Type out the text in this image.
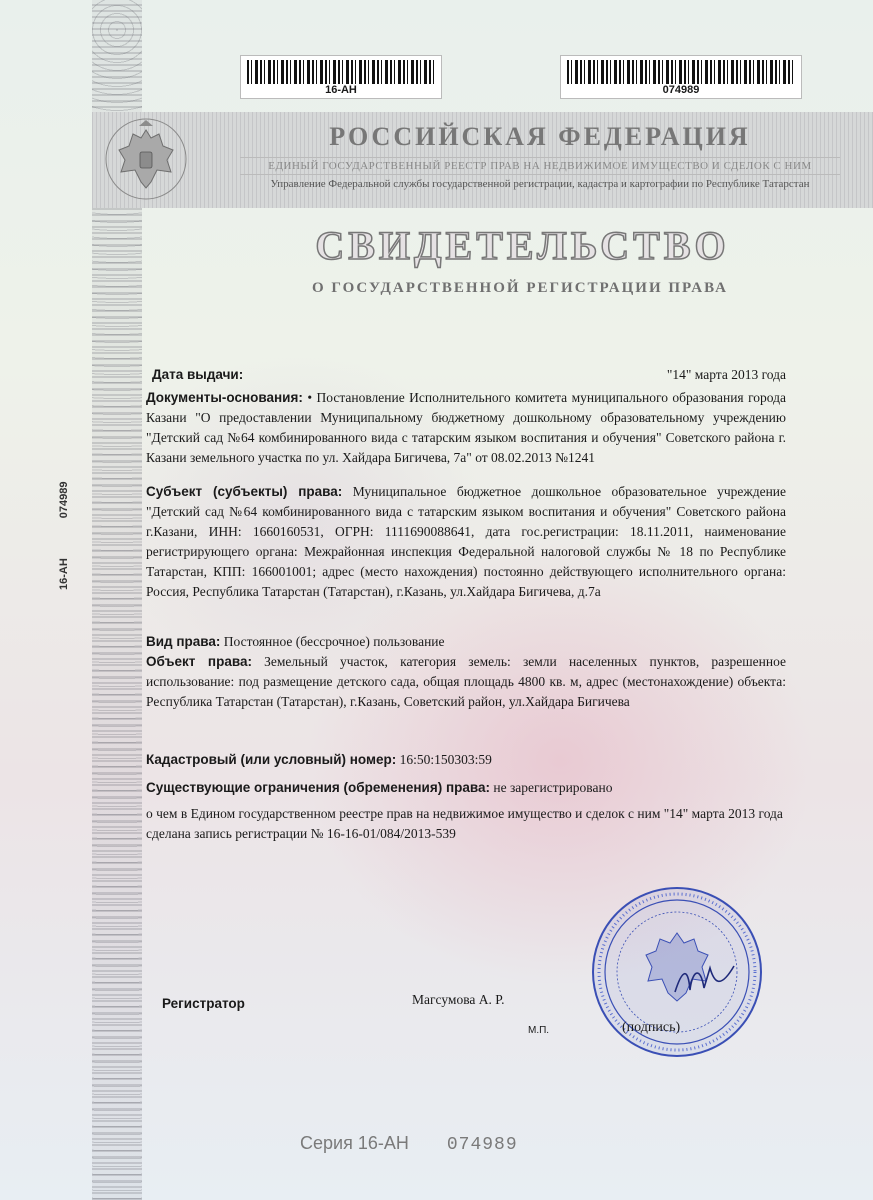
16-АН	074989
РОССИЙСКАЯ ФЕДЕРАЦИЯ
ЕДИНЫЙ ГОСУДАРСТВЕННЫЙ РЕЕСТР ПРАВ НА НЕДВИЖИМОЕ ИМУЩЕСТВО И СДЕЛОК С НИМ
Управление Федеральной службы государственной регистрации, кадастра и картографии по Республике Татарстан
СВИДЕТЕЛЬСТВО
О ГОСУДАРСТВЕННОЙ РЕГИСТРАЦИИ ПРАВА
16-АН074989
Дата выдачи:	"14" марта 2013 года

Документы-основания: • Постановление Исполнительного комитета муниципального образования города Казани "О предоставлении Муниципальному бюджетному дошкольному образовательному учреждению "Детский сад №64 комбинированного вида с татарским языком воспитания и обучения" Советского района г. Казани земельного участка по ул. Хайдара Бигичева, 7а" от 08.02.2013 №1241

Субъект (субъекты) права: Муниципальное бюджетное дошкольное образовательное учреждение "Детский сад №64 комбинированного вида с татарским языком воспитания и обучения" Советского района г.Казани, ИНН: 1660160531, ОГРН: 1111690088641, дата гос.регистрации: 18.11.2011, наименование регистрирующего органа: Межрайонная инспекция Федеральной налоговой службы № 18 по Республике Татарстан, КПП: 166001001; адрес (место нахождения) постоянно действующего исполнительного органа: Россия, Республика Татарстан (Татарстан), г.Казань, ул.Хайдара Бигичева, д.7а

Вид права: Постоянное (бессрочное) пользование

Объект права: Земельный участок, категория земель: земли населенных пунктов, разрешенное использование: под размещение детского сада, общая площадь 4800 кв. м, адрес (местонахождение) объекта: Республика Татарстан (Татарстан), г.Казань, Советский район, ул.Хайдара Бигичева

Кадастровый (или условный) номер: 16:50:150303:59

Существующие ограничения (обременения) права: не зарегистрировано

о чем в Едином государственном реестре прав на недвижимое имущество и сделок с ним "14" марта 2013 года сделана запись регистрации № 16-16-01/084/2013-539

Регистратор	Магсумова А. Р.
М.П.	(подпись)
Серия 16-АН 074989
